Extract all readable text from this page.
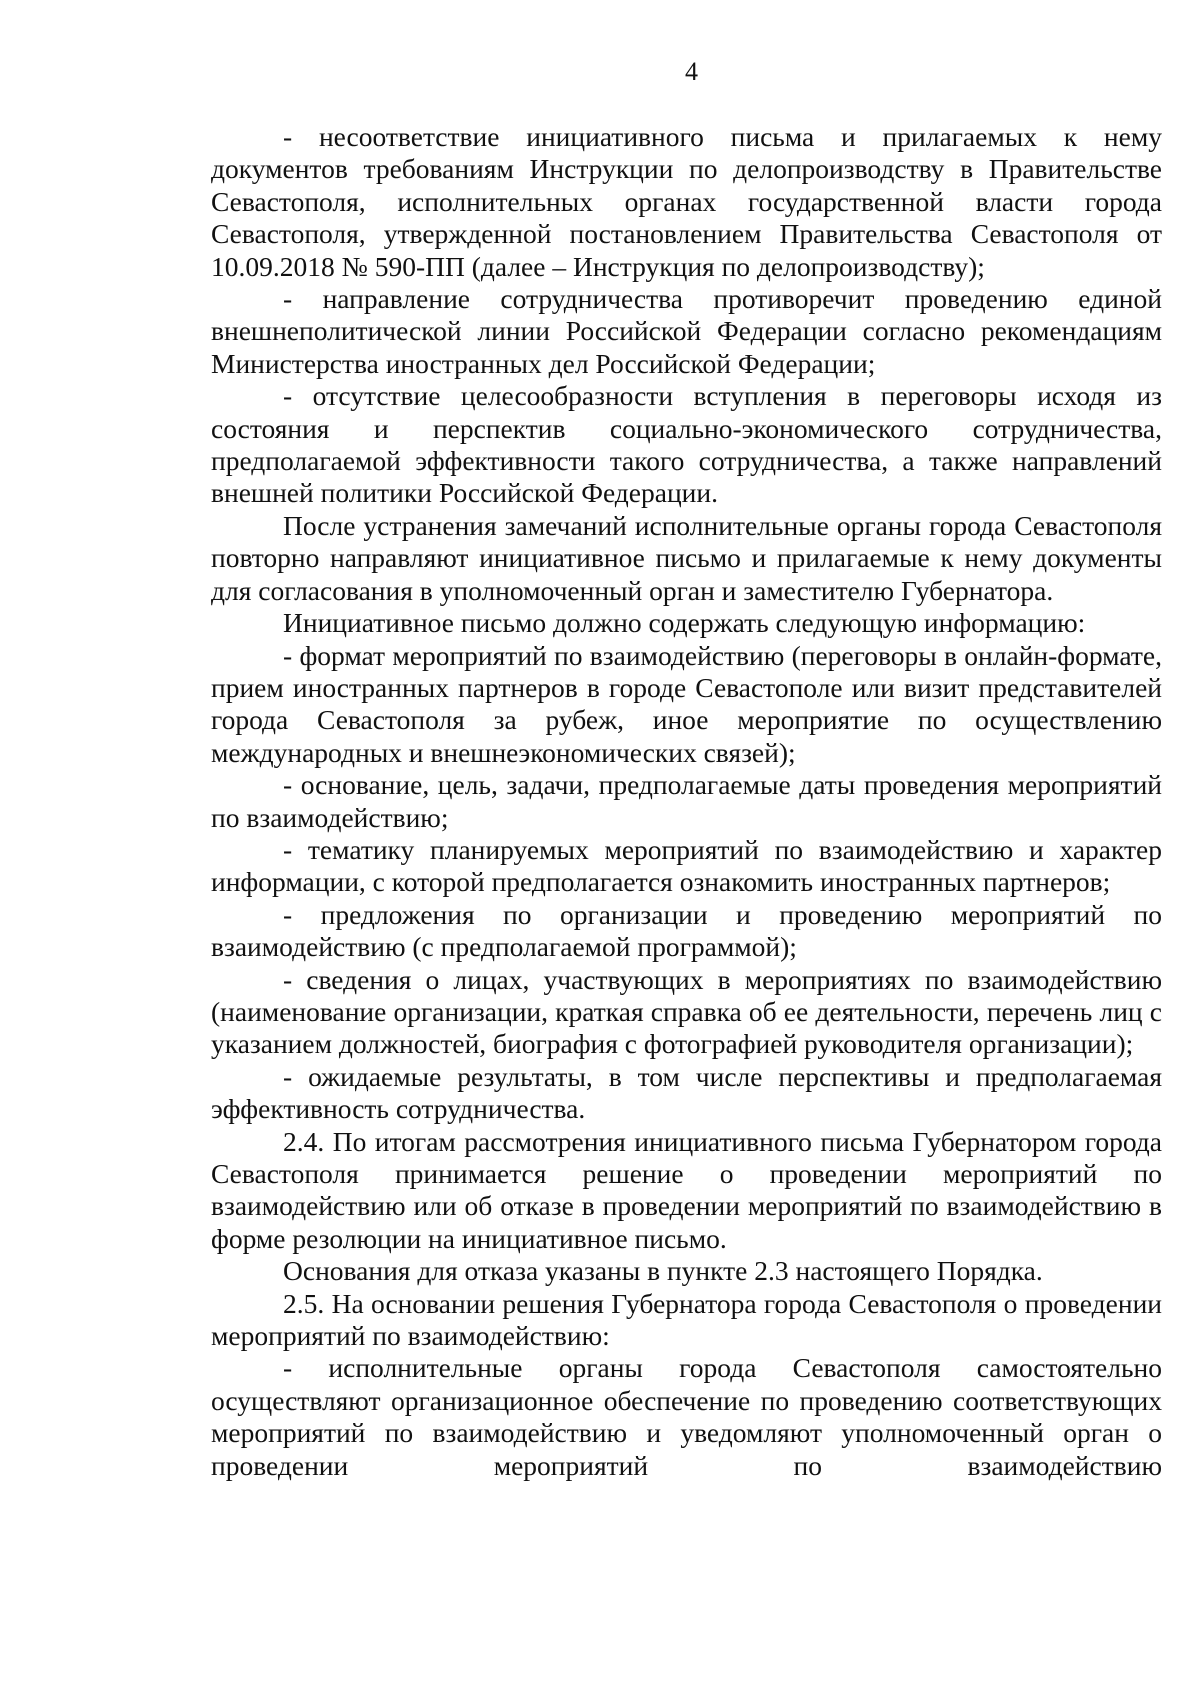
4

- несоответствие инициативного письма и прилагаемых к нему документов требованиям Инструкции по делопроизводству в Правительстве Севастополя, исполнительных органах государственной власти города Севастополя, утвержденной постановлением Правительства Севастополя от 10.09.2018 № 590-ПП (далее – Инструкция по делопроизводству);

- направление сотрудничества противоречит проведению единой внешнеполитической линии Российской Федерации согласно рекомендациям Министерства иностранных дел Российской Федерации;

- отсутствие целесообразности вступления в переговоры исходя из состояния и перспектив социально-экономического сотрудничества, предполагаемой эффективности такого сотрудничества, а также направлений внешней политики Российской Федерации.

После устранения замечаний исполнительные органы города Севастополя повторно направляют инициативное письмо и прилагаемые к нему документы для согласования в уполномоченный орган и заместителю Губернатора.

Инициативное письмо должно содержать следующую информацию:

- формат мероприятий по взаимодействию (переговоры в онлайн-формате, прием иностранных партнеров в городе Севастополе или визит представителей города Севастополя за рубеж, иное мероприятие по осуществлению международных и внешнеэкономических связей);

- основание, цель, задачи, предполагаемые даты проведения мероприятий по взаимодействию;

- тематику планируемых мероприятий по взаимодействию и характер информации, с которой предполагается ознакомить иностранных партнеров;

- предложения по организации и проведению мероприятий по взаимодействию (с предполагаемой программой);

- сведения о лицах, участвующих в мероприятиях по взаимодействию (наименование организации, краткая справка об ее деятельности, перечень лиц с указанием должностей, биография с фотографией руководителя организации);

- ожидаемые результаты, в том числе перспективы и предполагаемая эффективность сотрудничества.

2.4. По итогам рассмотрения инициативного письма Губернатором города Севастополя принимается решение о проведении мероприятий по взаимодействию или об отказе в проведении мероприятий по взаимодействию в форме резолюции на инициативное письмо.

Основания для отказа указаны в пункте 2.3 настоящего Порядка.

2.5. На основании решения Губернатора города Севастополя о проведении мероприятий по взаимодействию:

- исполнительные органы города Севастополя самостоятельно осуществляют организационное обеспечение по проведению соответствующих мероприятий по взаимодействию и уведомляют уполномоченный орган о проведении мероприятий по взаимодействию
